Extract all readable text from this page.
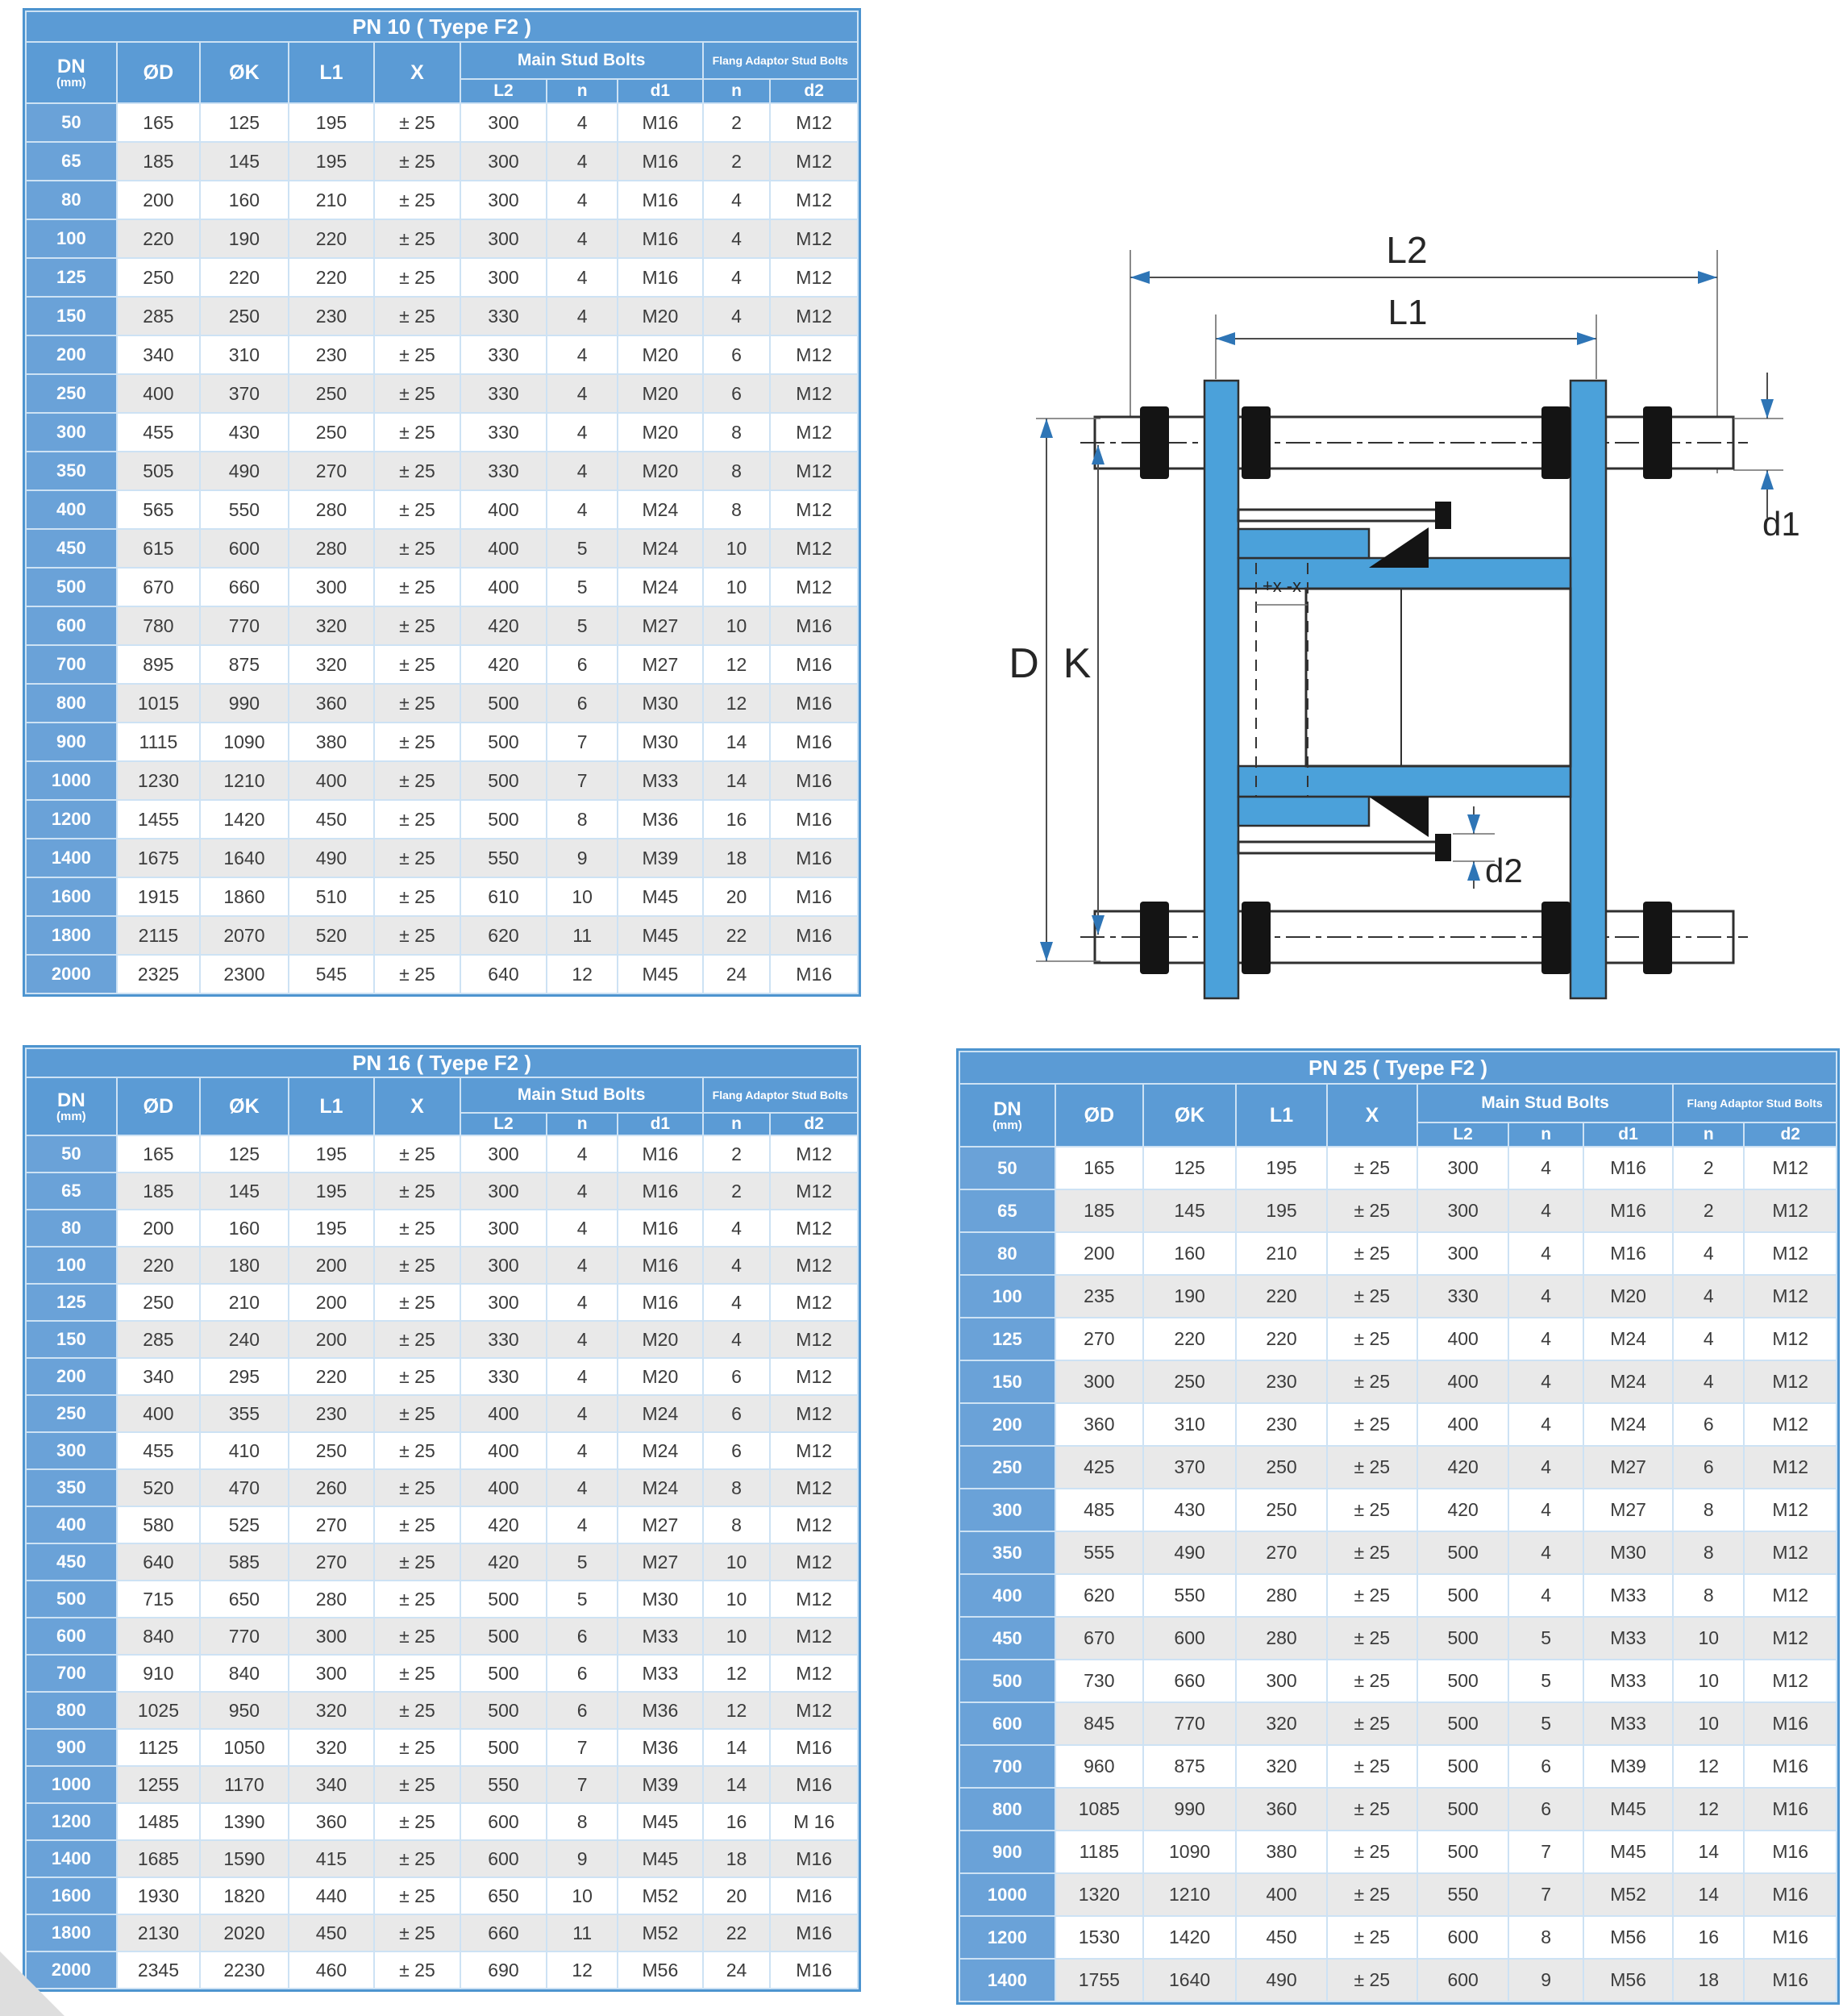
PN 10 ( Tyepe F2 )									

DN
(mm)	ØD	ØK	L1	X	Main Stud Bolts			Flang Adaptor Stud Bolts	
					L2	n	d1	n	d2
50	165	125	195	± 25	300	4	M16	2	M12
65	185	145	195	± 25	300	4	M16	2	M12
80	200	160	210	± 25	300	4	M16	4	M12
100	220	190	220	± 25	300	4	M16	4	M12
125	250	220	220	± 25	300	4	M16	4	M12
150	285	250	230	± 25	330	4	M20	4	M12
200	340	310	230	± 25	330	4	M20	6	M12
250	400	370	250	± 25	330	4	M20	6	M12
300	455	430	250	± 25	330	4	M20	8	M12
350	505	490	270	± 25	330	4	M20	8	M12
400	565	550	280	± 25	400	4	M24	8	M12
450	615	600	280	± 25	400	5	M24	10	M12
500	670	660	300	± 25	400	5	M24	10	M12
600	780	770	320	± 25	420	5	M27	10	M16
700	895	875	320	± 25	420	6	M27	12	M16
800	1015	990	360	± 25	500	6	M30	12	M16
900	1115	1090	380	± 25	500	7	M30	14	M16
1000	1230	1210	400	± 25	500	7	M33	14	M16
1200	1455	1420	450	± 25	500	8	M36	16	M16
1400	1675	1640	490	± 25	550	9	M39	18	M16
1600	1915	1860	510	± 25	610	10	M45	20	M16
1800	2115	2070	520	± 25	620	11	M45	22	M16
2000	2325	2300	545	± 25	640	12	M45	24	M16
PN 16 ( Tyepe F2 )									

DN
(mm)	ØD	ØK	L1	X	Main Stud Bolts			Flang Adaptor Stud Bolts	
					L2	n	d1	n	d2
50	165	125	195	± 25	300	4	M16	2	M12
65	185	145	195	± 25	300	4	M16	2	M12
80	200	160	195	± 25	300	4	M16	4	M12
100	220	180	200	± 25	300	4	M16	4	M12
125	250	210	200	± 25	300	4	M16	4	M12
150	285	240	200	± 25	330	4	M20	4	M12
200	340	295	220	± 25	330	4	M20	6	M12
250	400	355	230	± 25	400	4	M24	6	M12
300	455	410	250	± 25	400	4	M24	6	M12
350	520	470	260	± 25	400	4	M24	8	M12
400	580	525	270	± 25	420	4	M27	8	M12
450	640	585	270	± 25	420	5	M27	10	M12
500	715	650	280	± 25	500	5	M30	10	M12
600	840	770	300	± 25	500	6	M33	10	M12
700	910	840	300	± 25	500	6	M33	12	M12
800	1025	950	320	± 25	500	6	M36	12	M12
900	1125	1050	320	± 25	500	7	M36	14	M16
1000	1255	1170	340	± 25	550	7	M39	14	M16
1200	1485	1390	360	± 25	600	8	M45	16	M 16
1400	1685	1590	415	± 25	600	9	M45	18	M16
1600	1930	1820	440	± 25	650	10	M52	20	M16
1800	2130	2020	450	± 25	660	11	M52	22	M16
2000	2345	2230	460	± 25	690	12	M56	24	M16
PN 25 ( Tyepe F2 )									

DN
(mm)	ØD	ØK	L1	X	Main Stud Bolts			Flang Adaptor Stud Bolts	
					L2	n	d1	n	d2
50	165	125	195	± 25	300	4	M16	2	M12
65	185	145	195	± 25	300	4	M16	2	M12
80	200	160	210	± 25	300	4	M16	4	M12
100	235	190	220	± 25	330	4	M20	4	M12
125	270	220	220	± 25	400	4	M24	4	M12
150	300	250	230	± 25	400	4	M24	4	M12
200	360	310	230	± 25	400	4	M24	6	M12
250	425	370	250	± 25	420	4	M27	6	M12
300	485	430	250	± 25	420	4	M27	8	M12
350	555	490	270	± 25	500	4	M30	8	M12
400	620	550	280	± 25	500	4	M33	8	M12
450	670	600	280	± 25	500	5	M33	10	M12
500	730	660	300	± 25	500	5	M33	10	M12
600	845	770	320	± 25	500	5	M33	10	M16
700	960	875	320	± 25	500	6	M39	12	M16
800	1085	990	360	± 25	500	6	M45	12	M16
900	1185	1090	380	± 25	500	7	M45	14	M16
1000	1320	1210	400	± 25	550	7	M52	14	M16
1200	1530	1420	450	± 25	600	8	M56	16	M16
1400	1755	1640	490	± 25	600	9	M56	18	M16
L2
L1
+x -x
d2
d1
D K
